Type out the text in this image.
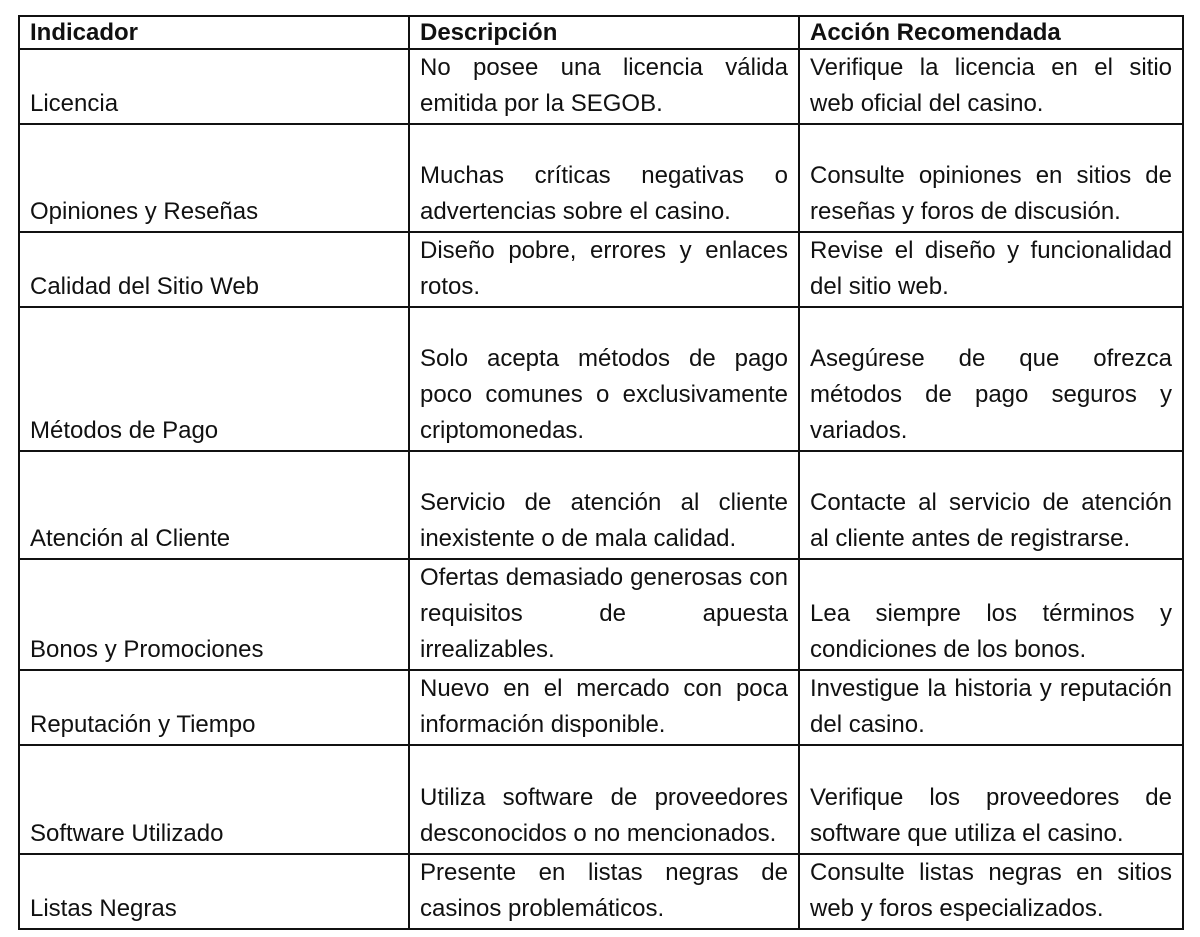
Indicador	Descripción	Acción Recomendada
Licencia	No posee una licencia válida emitida por la SEGOB.	Verifique la licencia en el sitio web oficial del casino.
Opiniones y Reseñas	Muchas críticas negativas o advertencias sobre el casino.	Consulte opiniones en sitios de reseñas y foros de discusión.
Calidad del Sitio Web	Diseño pobre, errores y enlaces rotos.	Revise el diseño y funcionalidad del sitio web.
Métodos de Pago	Solo acepta métodos de pago poco comunes o exclusivamente criptomonedas.	Asegúrese de que ofrezca métodos de pago seguros y variados.
Atención al Cliente	Servicio de atención al cliente inexistente o de mala calidad.	Contacte al servicio de atención al cliente antes de registrarse.
Bonos y Promociones	Ofertas demasiado generosas con requisitos de apuesta irrealizables.	Lea siempre los términos y condiciones de los bonos.
Reputación y Tiempo	Nuevo en el mercado con poca información disponible.	Investigue la historia y reputación del casino.
Software Utilizado	Utiliza software de proveedores desconocidos o no mencionados.	Verifique los proveedores de software que utiliza el casino.
Listas Negras	Presente en listas negras de casinos problemáticos.	Consulte listas negras en sitios web y foros especializados.
